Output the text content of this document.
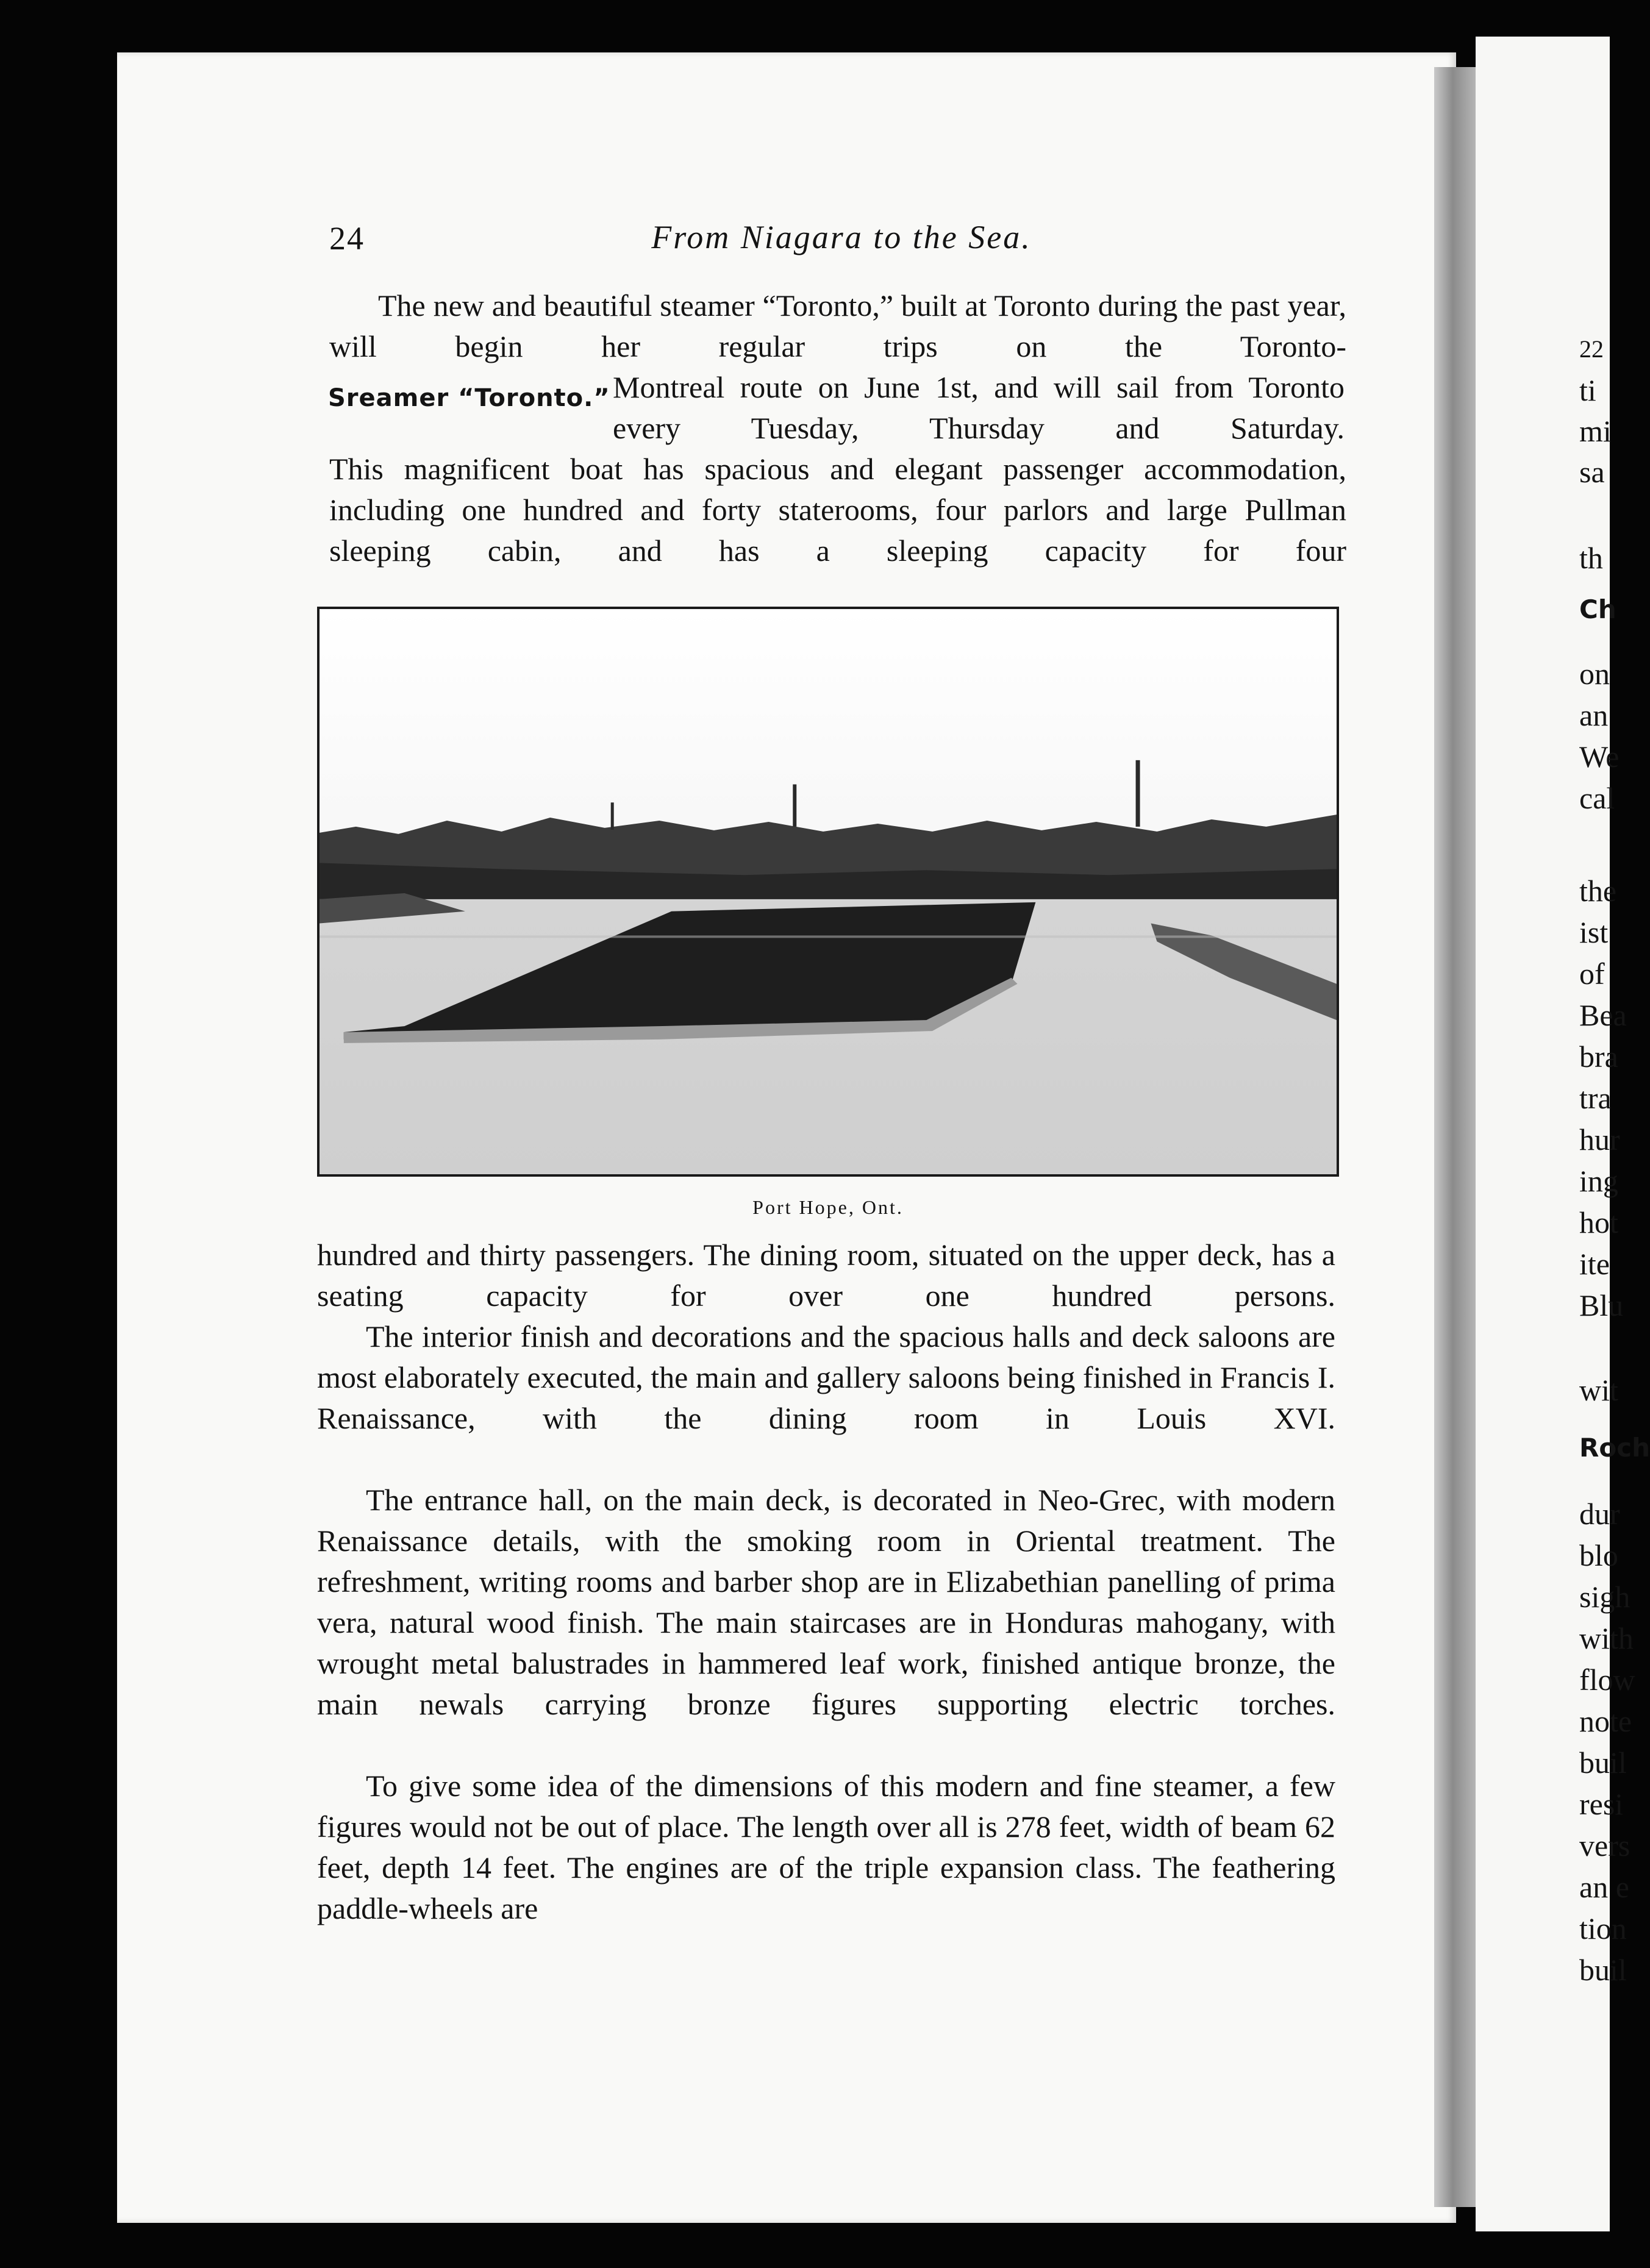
22
ti
mi
sa
th
Ch
on
an
We
cal
the
ist
of
Bea
bra
tra
hur
ing
hot
ite
Blu
wit
Roch
dur
blo
sigh
with
flow
note
buil
resi
vers
an e
tion
buil
24	From Niagara to the Sea.

The new and beautiful steamer “Toronto,” built at Toronto during the past year, will begin her regular trips on the Toronto-

Sreamer “Toronto.” Montreal route on June 1st, and will sail from Toronto every Tuesday, Thursday and Saturday.

This magnificent boat has spacious and elegant passenger accommodation, including one hundred and forty staterooms, four parlors and large Pullman sleeping cabin, and has a sleeping capacity for four

Port Hope, Ont.

hundred and thirty passengers. The dining room, situated on the upper deck, has a seating capacity for over one hundred persons.

The interior finish and decorations and the spacious halls and deck saloons are most elaborately executed, the main and gallery saloons being finished in Francis I. Renaissance, with the dining room in Louis XVI.

The entrance hall, on the main deck, is decorated in Neo-Grec, with modern Renaissance details, with the smoking room in Oriental treatment. The refreshment, writing rooms and barber shop are in Elizabethian panelling of prima vera, natural wood finish. The main staircases are in Honduras mahogany, with wrought metal balustrades in hammered leaf work, finished antique bronze, the main newals carrying bronze figures supporting electric torches.

To give some idea of the dimensions of this modern and fine steamer, a few figures would not be out of place. The length over all is 278 feet, width of beam 62 feet, depth 14 feet. The engines are of the triple expansion class. The feathering paddle-wheels are
